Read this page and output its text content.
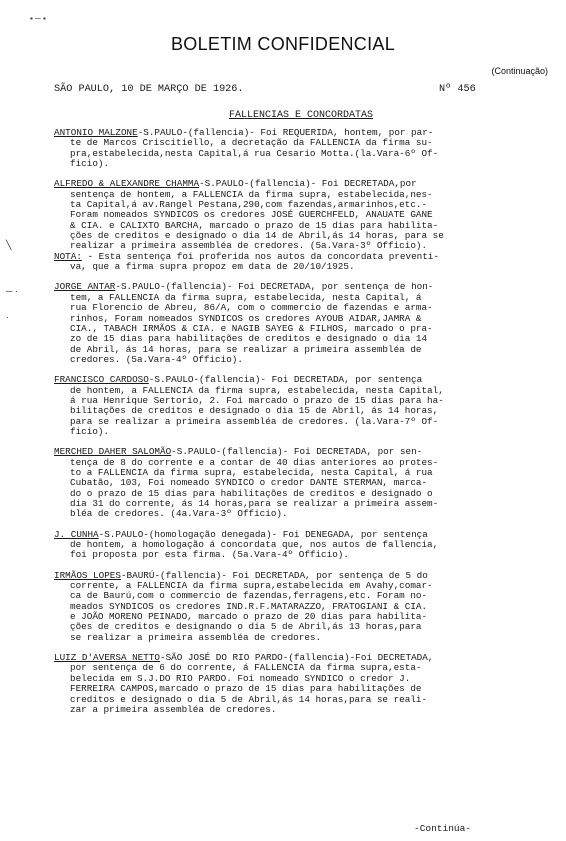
▪ ─ ▪
╲
─ ·
·
BOLETIM CONFIDENCIAL
(Continuação)
SÃO PAULO, 10 DE MARÇO DE 1926.	Nº 456
FALLENCIAS E CONCORDATAS
ANTONIO MALZONE-S.PAULO-(fallencia)- Foi REQUERIDA, hontem, por par-
te de Marcos Criscitiello, a decretação da FALLENCIA da firma su-
pra,estabelecida,nesta Capital,á rua Cesario Motta.(la.Vara-6º Of-
ficio).
ALFREDO & ALEXANDRE CHAMMA-S.PAULO-(fallencia)- Foi DECRETADA,por
sentença de hontem, a FALLENCIA da firma supra, estabelecida,nes-
ta Capital,á av.Rangel Pestana,290,com fazendas,armarinhos,etc.-
Foram nomeados SYNDICOS os credores JOSÉ GUERCHFELD, ANAUATE GANE
& CIA. e CALIXTO BARCHA, marcado o prazo de 15 dias para habilita-
ções de creditos e designado o dia 14 de Abril,ás 14 horas, para se
realizar a primeira assembléa de credores. (5a.Vara-3º Officio).
NOTA: - Esta sentença foi proferida nos autos da concordata preventi-
va, que a firma supra propoz em data de 20/10/1925.
JORGE ANTAR-S.PAULO-(fallencia)- Foi DECRETADA, por sentença de hon-
tem, a FALLENCIA da firma supra, estabelecida, nesta Capital, á
rua Florencio de Abreu, 86/A, com o commercio de fazendas e arma-
rinhos, Foram nomeados SYNDICOS os credores AYOUB AIDAR,JAMRA &
CIA., TABACH IRMÃOS & CIA. e NAGIB SAYEG & FILHOS, marcado o pra-
zo de 15 dias para habilitações de creditos e designado o dia 14
de Abril, ás 14 horas, para se realizar a primeira assembléa de
credores. (5a.Vara-4º Officio).
FRANCISCO CARDOSO-S.PAULO-(fallencia)- Foi DECRETADA, por sentença
de hontem, a FALLENCIA da firma supra, estabelecida, nesta Capital,
á rua Henrique Sertorio, 2. Foi marcado o prazo de 15 dias para ha-
bilitações de creditos e designado o dia 15 de Abril, ás 14 horas,
para se realizar a primeira assembléa de credores. (la.Vara-7º Of-
ficio).
MERCHED DAHER SALOMÃO-S.PAULO-(fallencia)- Foi DECRETADA, por sen-
tença de 8 do corrente e a contar de 40 dias anteriores ao protes-
to a FALLENCIA da firma supra, estabelecida, nesta Capital, á rua
Cubatão, 103, Foi nomeado SYNDICO o credor DANTE STERMAN, marca-
do o prazo de 15 dias para habilitações de creditos e designado o
dia 31 do corrente, ás 14 horas,para se realizar a primeira assem-
bléa de credores. (4a.Vara-3º Officio).
J. CUNHA-S.PAULO-(homologação denegada)- Foi DENEGADA, por sentença
de hontem, a homologação á concordata que, nos autos de fallencia,
foi proposta por esta firma. (5a.Vara-4º Officio).
IRMÃOS LOPES-BAURÚ-(fallencia)- Foi DECRETADA, por sentença de 5 do
corrente, a FALLENCIA da firma supra,estabelecida em Avahy,comar-
ca de Baurú,com o commercio de fazendas,ferragens,etc. Foram no-
meados SYNDICOS os credores IND.R.F.MATARAZZO, FRATOGIANI & CIA.
e JOÃO MORENO PEINADO, marcado o prazo de 20 dias para habilita-
ções de creditos e designando o dia 5 de Abril,ás 13 horas,para
se realizar a primeira assembléa de credores.
LUIZ D'AVERSA NETTO-SÃO JOSÉ DO RIO PARDO-(fallencia)-Foi DECRETADA,
por sentença de 6 do corrente, á FALLENCIA da firma supra,esta-
belecida em S.J.DO RIO PARDO. Foi nomeado SYNDICO o credor J.
FERREIRA CAMPOS,marcado o prazo de 15 dias para habilitações de
creditos e designado o dia 5 de Abril,ás 14 horas,para se reali-
zar a primeira assembléa de credores.
-Continúa-
